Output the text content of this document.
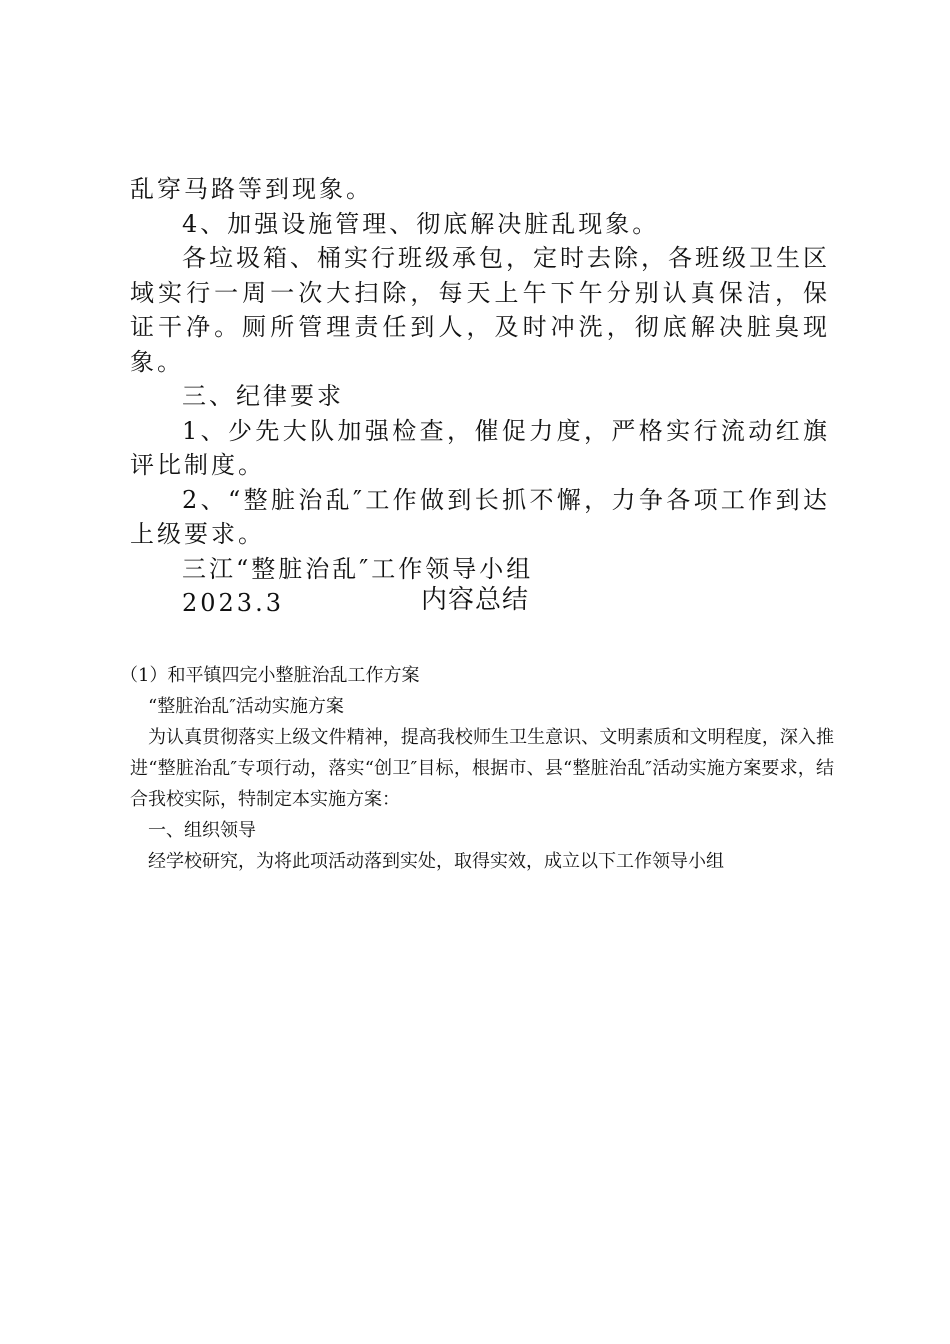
乱穿马路等到现象。

4、加强设施管理、彻底解决脏乱现象。

各垃圾箱、桶实行班级承包，定时去除，各班级卫生区域实行一周一次大扫除，每天上午下午分别认真保洁，保证干净。厕所管理责任到人，及时冲洗，彻底解决脏臭现象。

三、纪律要求

1、少先大队加强检查，催促力度，严格实行流动红旗评比制度。

2、“整脏治乱″工作做到长抓不懈，力争各项工作到达上级要求。

三江“整脏治乱″工作领导小组

2023.3	内容总结

（1）和平镇四完小整脏治乱工作方案

“整脏治乱″活动实施方案

为认真贯彻落实上级文件精神，提高我校师生卫生意识、文明素质和文明程度，深入推进“整脏治乱″专项行动，落实“创卫″目标，根据市、县“整脏治乱″活动实施方案要求，结合我校实际，特制定本实施方案：

一、组织领导

经学校研究，为将此项活动落到实处，取得实效，成立以下工作领导小组
